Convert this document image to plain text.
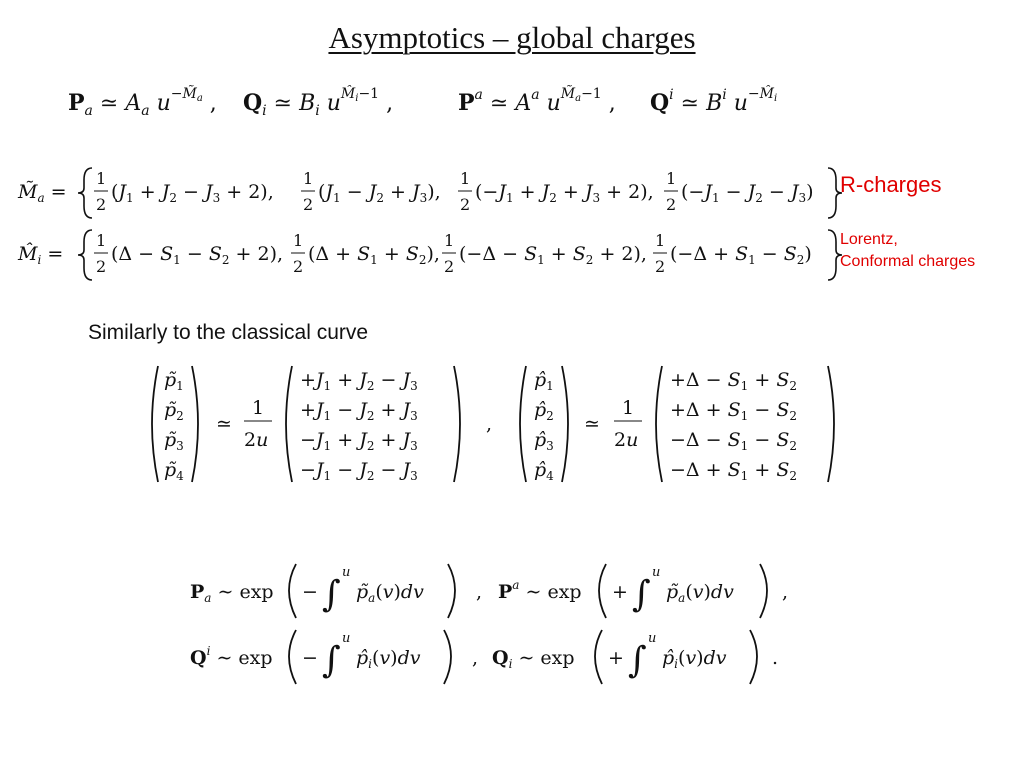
Asymptotics – global charges
$P_a$ ≃ $A_a$ u−M̃a , $Q_i$ ≃ $B_i$ $u^{M̂}i-1$ ,	$P^a$ ≃ $A^a$ $u^{M̃}a-1$ , $Q^i$ ≃ $B^i$ u−M̂i
$M̃_a$ =
1
2
$(J_1 + J_2 - J_3 + 2)$,
1
2
$(J_1 - J_2 + J_3)$,
1
2
$(-J_1 + J_2 + J_3 + 2)$,
1
2
$(-J_1 - J_2 - J_3)$
$M̂_i$ =
1
2
$(\Delta - S_1 - S_2 + 2)$,
1
2
$(\Delta + S_1 + S_2)$,
1
2
$(-\Delta - S_1 + S_2 + 2)$,
1
2
$(-\Delta + S_1 - S_2)$
R-charges
Lorentz,
Conformal charges
Similarly to the classical curve
$p̃_1$
$p̃_2$
$p̃_3$
$p̃_4$
≃
1
2u
$+J_1 + J_2 - J_3$
$+J_1 - J_2 + J_3$
$-J_1 + J_2 + J_3$
$-J_1 - J_2 - J_3$
,
$p̂_1$
$p̂_2$
$p̂_3$
$p̂_4$
≃
1
2u
$+\Delta - S_1 + S_2$
$+\Delta + S_1 - S_2$
$-\Delta - S_1 - S_2$
$-\Delta + S_1 + S_2$
$P_a$ ∼ exp − ∫
u
$p̃_a(v)dv$	, $P^a$ ∼ exp + ∫
u
$p̃_a(v)dv$	,
$Q^i$ ∼ exp − ∫
u
$p̂_i(v)dv$	, $Q_i$ ∼ exp + ∫
u
$p̂_i(v)dv$ .
